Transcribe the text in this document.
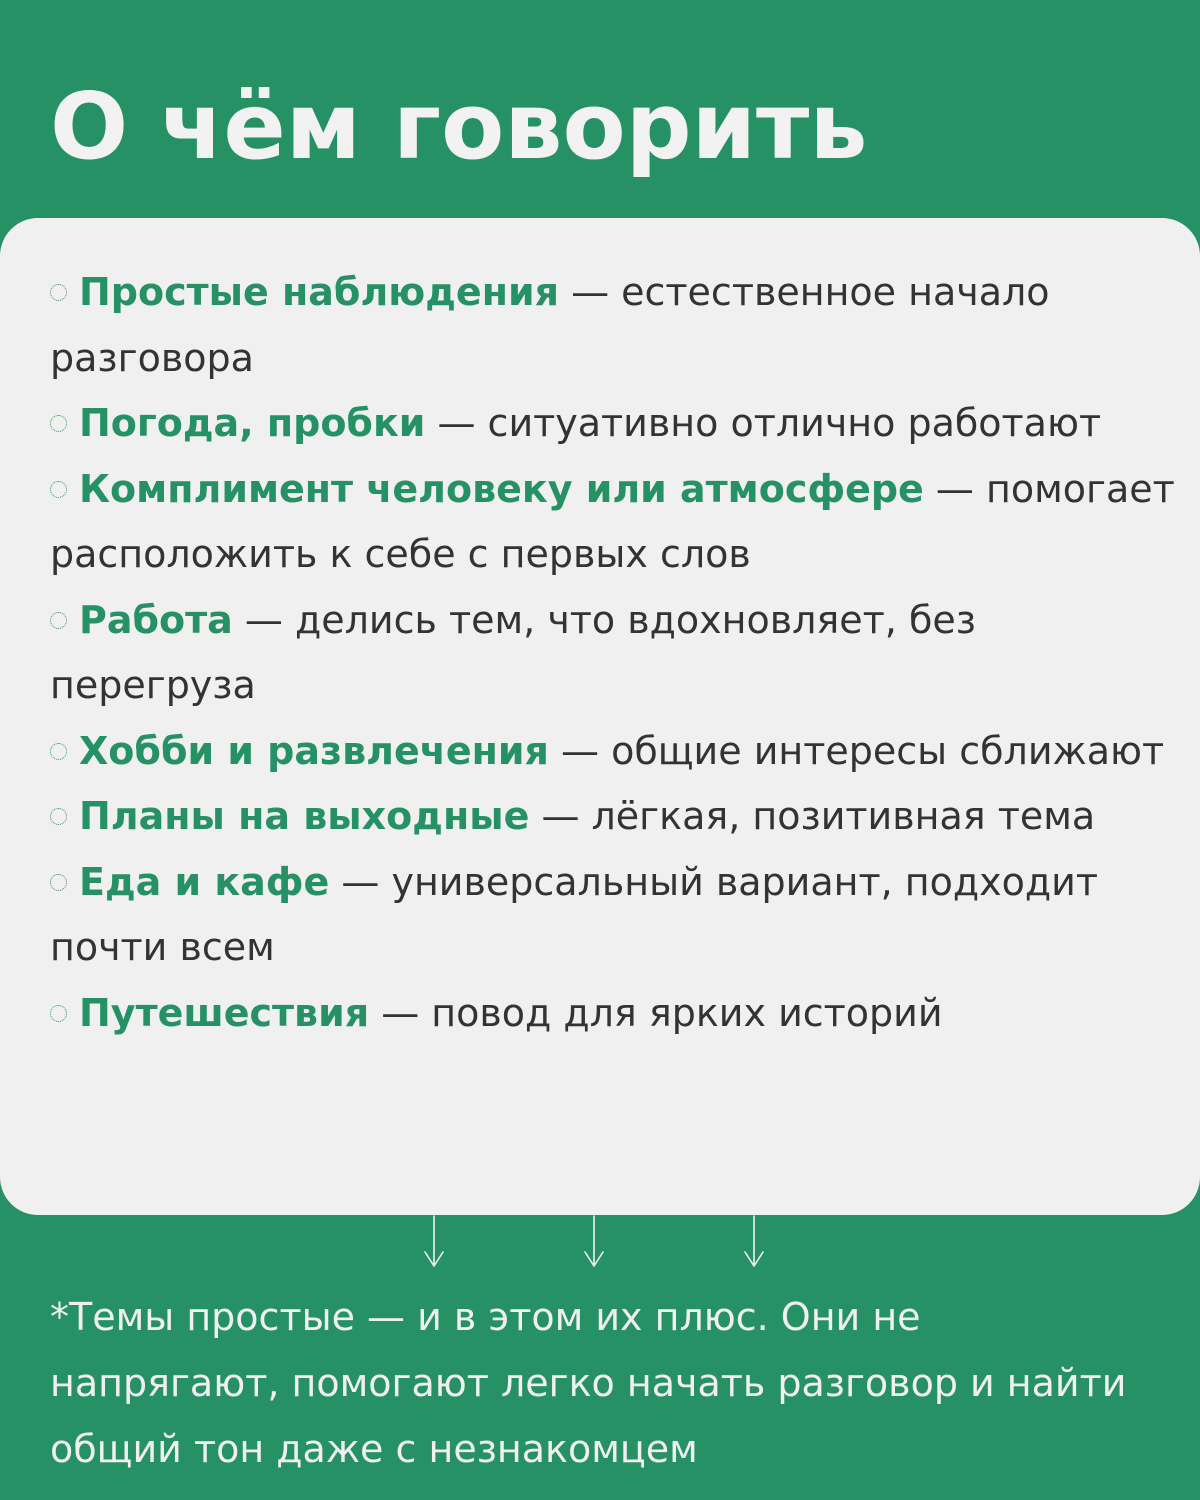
О чём говорить
Простые наблюдения — естественное начало разговора
Погода, пробки — ситуативно отлично работают
Комплимент человеку или атмосфере — помогает расположить к себе с первых слов
Работа — делись тем, что вдохновляет, без перегруза
Хобби и развлечения — общие интересы сближают
Планы на выходные — лёгкая, позитивная тема
Еда и кафе — универсальный вариант, подходит почти всем
Путешествия — повод для ярких историй

*Темы простые — и в этом их плюс. Они не напрягают, помогают легко начать разговор и найти общий тон даже с незнакомцем
